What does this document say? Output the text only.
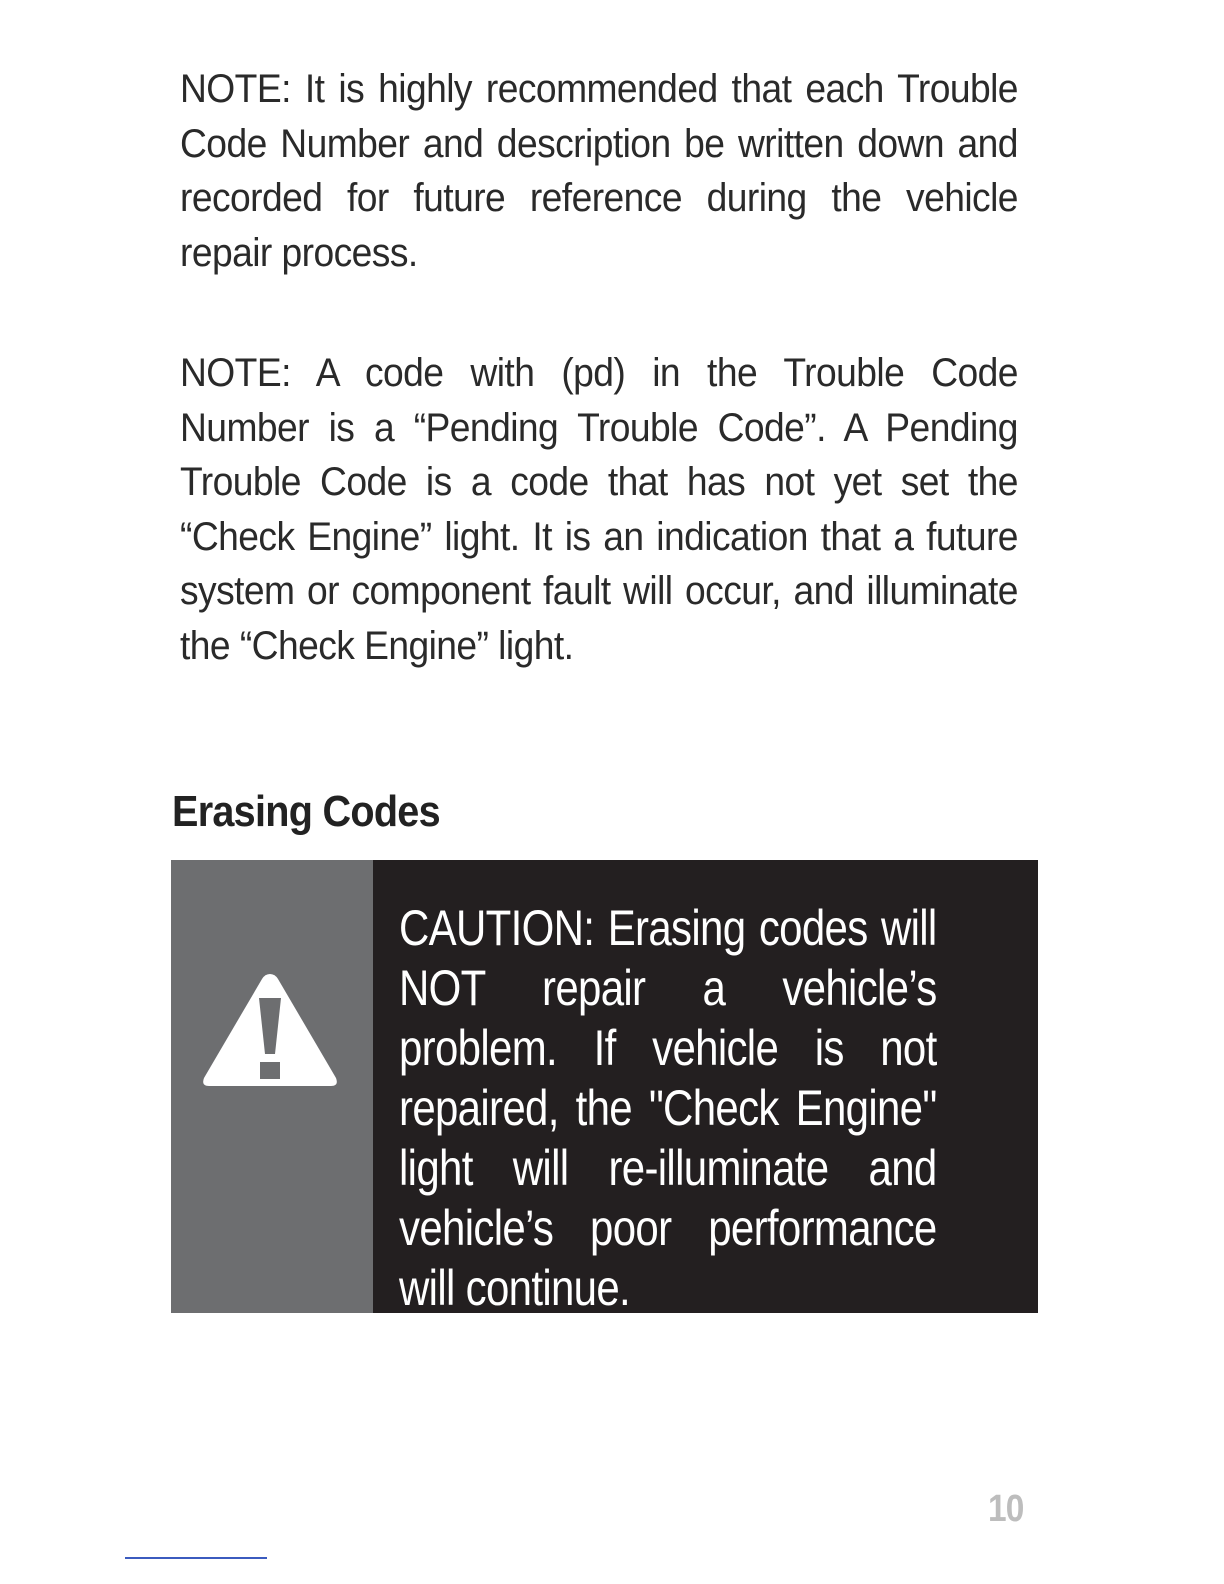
NOTE: It is highly recommended that each Trouble Code Number and description be written down and recorded for future reference during the vehicle repair process.

NOTE: A code with (pd) in the Trouble Code Number is a “Pending Trouble Code”. A Pending Trouble Code is a code that has not yet set the “Check Engine” light. It is an indication that a future system or component fault will occur, and illuminate the “Check Engine” light.

Erasing Codes

CAUTION: Erasing codes will NOT repair a vehicle’s problem. If vehicle is not repaired, the "Check Engine" light will re-illuminate and vehicle’s poor performance will continue.

10
